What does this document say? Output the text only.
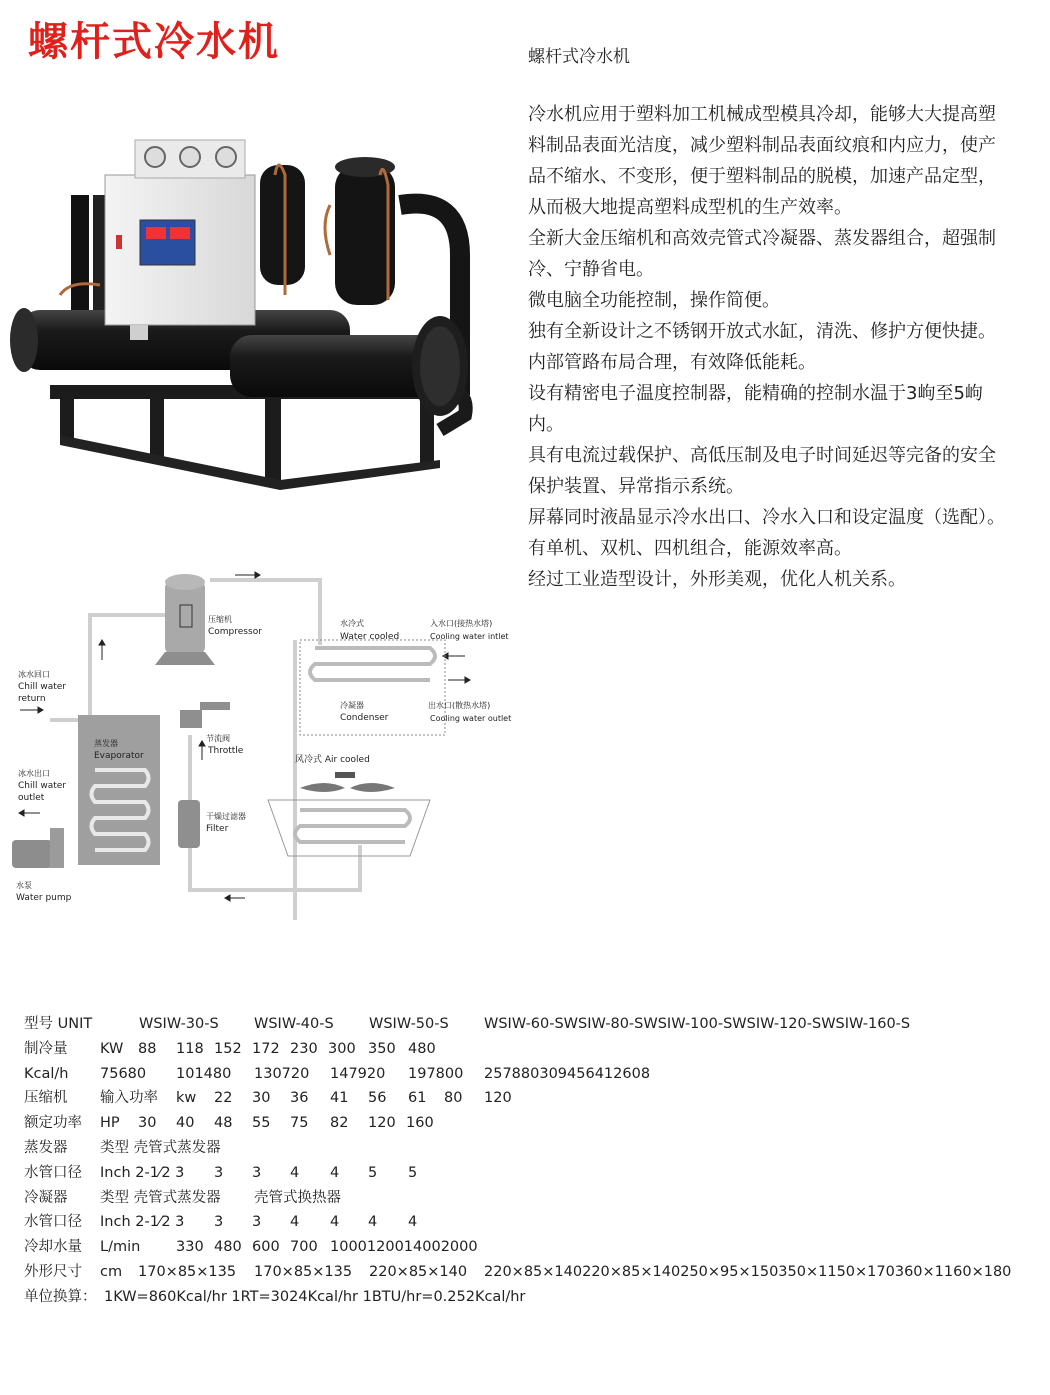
螺杆式冷水机	螺杆式冷水机

冷水机应用于塑料加工机械成型模具冷却，能够大大提高塑料制品表面光洁度，减少塑料制品表面纹痕和内应力，使产品不缩水、不变形，便于塑料制品的脱模，加速产品定型，从而极大地提高塑料成型机的生产效率。

全新大金压缩机和高效壳管式冷凝器、蒸发器组合，超强制冷、宁静省电。

微电脑全功能控制，操作简便。

独有全新设计之不锈钢开放式水缸，清洗、修护方便快捷。

内部管路布局合理，有效降低能耗。

设有精密电子温度控制器，能精确的控制水温于3岣至5岣内。

具有电流过载保护、高低压制及电子时间延迟等完备的安全保护装置、异常指示系统。

屏幕同时液晶显示冷水出口、冷水入口和设定温度（选配）。

有单机、双机、四机组合，能源效率高。

经过工业造型设计，外形美观，优化人机关系。

压缩机
Compressor
水冷式
Water cooled
入水口(接热水塔)
Cooling water intlet
冷凝器
Condenser
出水口(散热水塔)
Cooling water outlet
风冷式 Air cooled
蒸发器
Evaporator
节流阀
Throttle
干燥过滤器
Filter
冰水回口
Chill water
return
冰水出口
Chill water
outlet
水泵
Water pump
型号 UNIT	WSIW-30-S WSIW-40-S WSIW-50-S WSIW-60-SWSIW-80-SWSIW-100-SWSIW-120-SWSIW-160-S
制冷量 KW 88 118 152 172 230 300 350 480
Kcal/h 75680 101480 130720 147920 197800 257880309456412608
压缩机 输入功率 kw 22 30 36 41 56 61 80 120
额定功率 HP 30 40 48 55 75 82 120 160
蒸发器 类型 壳管式蒸发器
水管口径 Inch 2-1⁄2 3 3 3 4 4 5 5
冷凝器 类型 壳管式蒸发器 壳管式换热器
水管口径 Inch 2-1⁄2 3 3 3 4 4 4 4
冷却水量 L/min 330 480 600 700 1000120014002000
外形尺寸 cm 170×85×135 170×85×135 220×85×140 220×85×140220×85×140250×95×150350×1150×170360×1160×180
单位换算： 1KW=860Kcal/hr 1RT=3024Kcal/hr 1BTU/hr=0.252Kcal/hr
